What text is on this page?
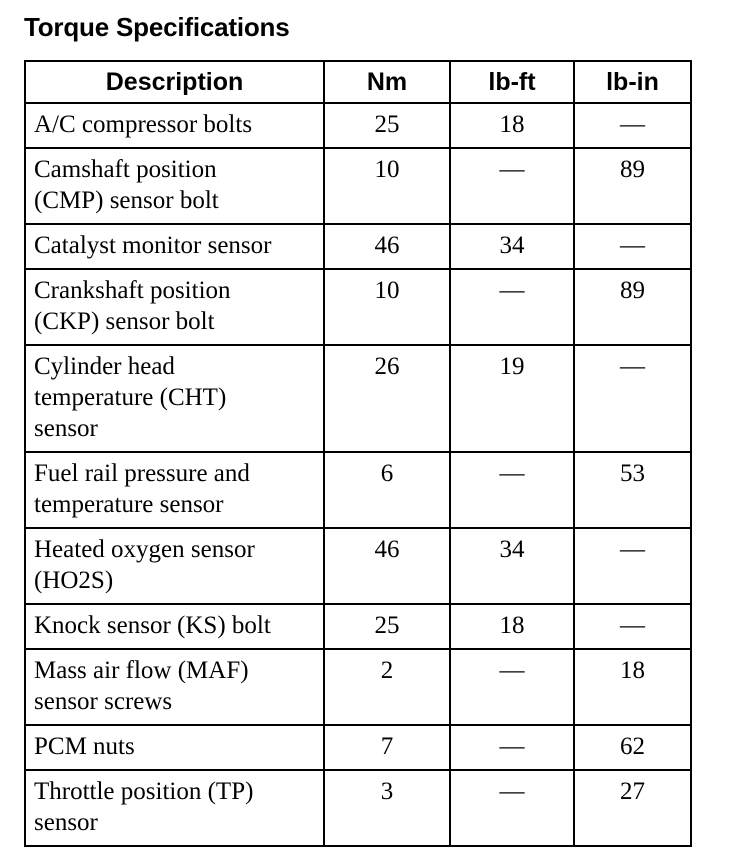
Torque Specifications
Description	Nm	lb-ft	lb-in

A/C compressor bolts	25	18	—

Camshaft position
(CMP) sensor bolt	10	—	89

Catalyst monitor sensor	46	34	—

Crankshaft position
(CKP) sensor bolt	10	—	89

Cylinder head
temperature (CHT)
sensor	26	19	—

Fuel rail pressure and
temperature sensor	6	—	53

Heated oxygen sensor
(HO2S)	46	34	—

Knock sensor (KS) bolt	25	18	—

Mass air flow (MAF)
sensor screws	2	—	18

PCM nuts	7	—	62

Throttle position (TP)
sensor	3	—	27
